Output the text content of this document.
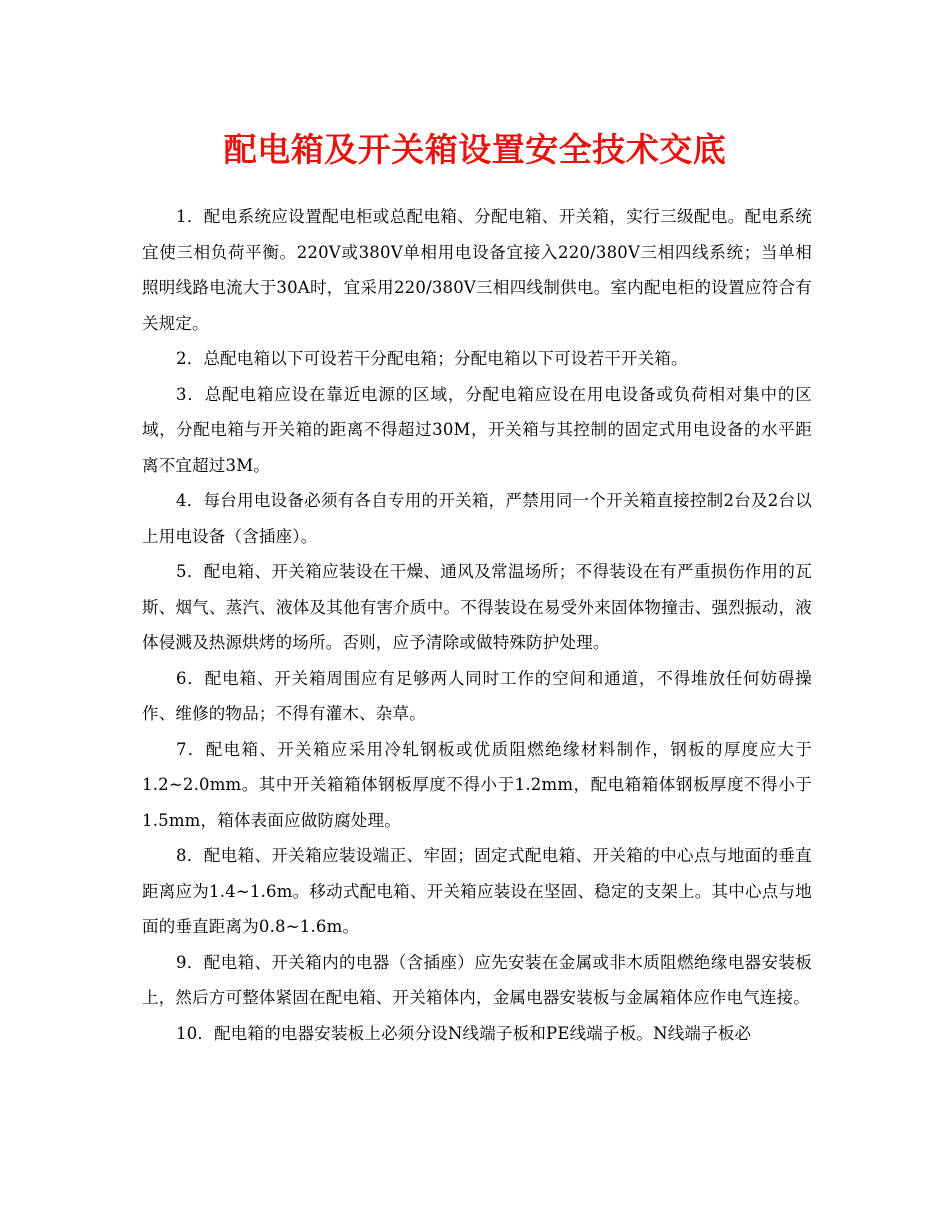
配电箱及开关箱设置安全技术交底

1．配电系统应设置配电柜或总配电箱、分配电箱、开关箱，实行三级配电。配电系统宜使三相负荷平衡。220V或380V单相用电设备宜接入220/380V三相四线系统；当单相照明线路电流大于30A时，宜采用220/380V三相四线制供电。室内配电柜的设置应符合有关规定。

2．总配电箱以下可设若干分配电箱；分配电箱以下可设若干开关箱。

3．总配电箱应设在靠近电源的区域，分配电箱应设在用电设备或负荷相对集中的区域，分配电箱与开关箱的距离不得超过30M，开关箱与其控制的固定式用电设备的水平距离不宜超过3M。

4．每台用电设备必须有各自专用的开关箱，严禁用同一个开关箱直接控制2台及2台以上用电设备（含插座）。

5．配电箱、开关箱应装设在干燥、通风及常温场所；不得装设在有严重损伤作用的瓦斯、烟气、蒸汽、液体及其他有害介质中。不得装设在易受外来固体物撞击、强烈振动，液体侵溅及热源烘烤的场所。否则，应予清除或做特殊防护处理。

6．配电箱、开关箱周围应有足够两人同时工作的空间和通道，不得堆放任何妨碍操作、维修的物品；不得有灌木、杂草。

7．配电箱、开关箱应采用冷轧钢板或优质阻燃绝缘材料制作，钢板的厚度应大于1.2~2.0mm。其中开关箱箱体钢板厚度不得小于1.2mm，配电箱箱体钢板厚度不得小于1.5mm，箱体表面应做防腐处理。

8．配电箱、开关箱应装设端正、牢固；固定式配电箱、开关箱的中心点与地面的垂直距离应为1.4~1.6m。移动式配电箱、开关箱应装设在坚固、稳定的支架上。其中心点与地面的垂直距离为0.8~1.6m。

9．配电箱、开关箱内的电器（含插座）应先安装在金属或非木质阻燃绝缘电器安装板上，然后方可整体紧固在配电箱、开关箱体内，金属电器安装板与金属箱体应作电气连接。

10．配电箱的电器安装板上必须分设N线端子板和PE线端子板。N线端子板必
